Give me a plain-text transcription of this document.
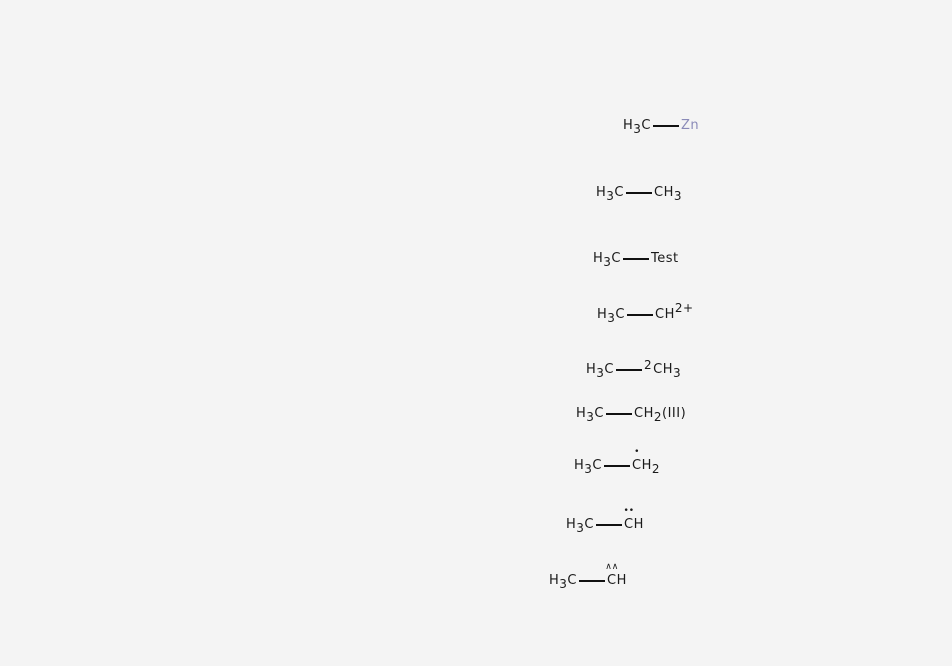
$H_3C$ Zn
$H_3C$ $CH_3$
$H_3C$ Test
$H_3C$ $CH^{2+}$
$H_3C$	$2CH_3$
$H_3C$ $CH_2(III)$
$H_3C$
•
$CH_2$
$H_3C$
••
CH
$H_3C$
∧∧
CH
